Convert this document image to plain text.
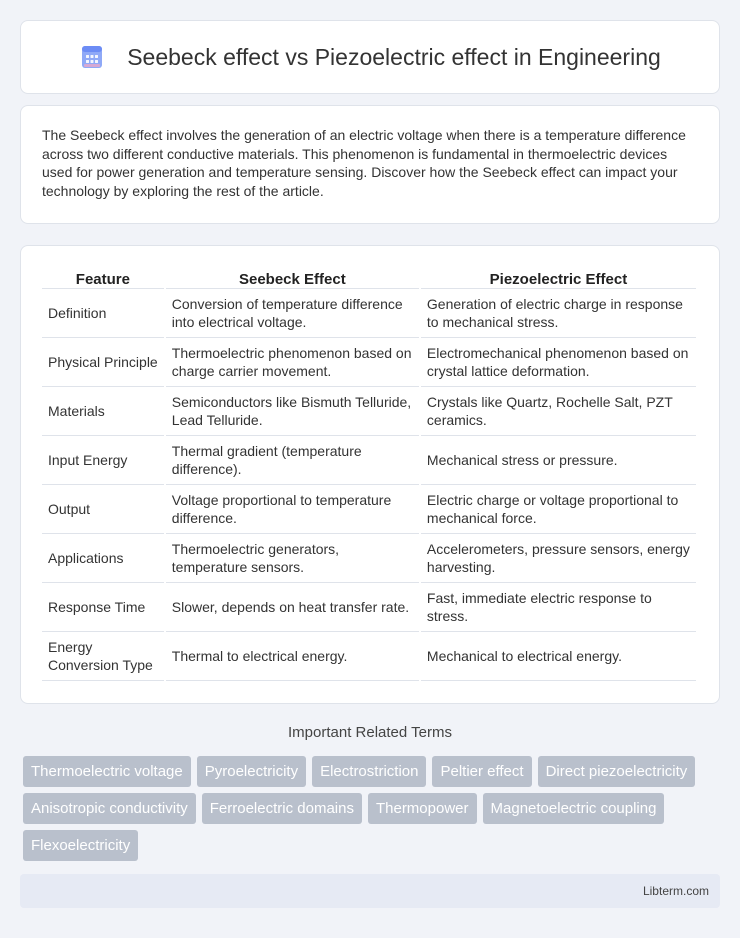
Seebeck effect vs Piezoelectric effect in Engineering

The Seebeck effect involves the generation of an electric voltage when there is a temperature difference across two different conductive materials. This phenomenon is fundamental in thermoelectric devices used for power generation and temperature sensing. Discover how the Seebeck effect can impact your technology by exploring the rest of the article.

Feature	Seebeck Effect	Piezoelectric Effect
Definition	Conversion of temperature difference into electrical voltage.	Generation of electric charge in response to mechanical stress.
Physical Principle	Thermoelectric phenomenon based on charge carrier movement.	Electromechanical phenomenon based on crystal lattice deformation.
Materials	Semiconductors like Bismuth Telluride, Lead Telluride.	Crystals like Quartz, Rochelle Salt, PZT ceramics.
Input Energy	Thermal gradient (temperature difference).	Mechanical stress or pressure.
Output	Voltage proportional to temperature difference.	Electric charge or voltage proportional to mechanical force.
Applications	Thermoelectric generators, temperature sensors.	Accelerometers, pressure sensors, energy harvesting.
Response Time	Slower, depends on heat transfer rate.	Fast, immediate electric response to stress.
Energy Conversion Type	Thermal to electrical energy.	Mechanical to electrical energy.
Important Related Terms
Thermoelectric voltage	Pyroelectricity	Electrostriction	Peltier effect	Direct piezoelectricity
Anisotropic conductivity	Ferroelectric domains	Thermopower	Magnetoelectric coupling
Flexoelectricity
Libterm.com
